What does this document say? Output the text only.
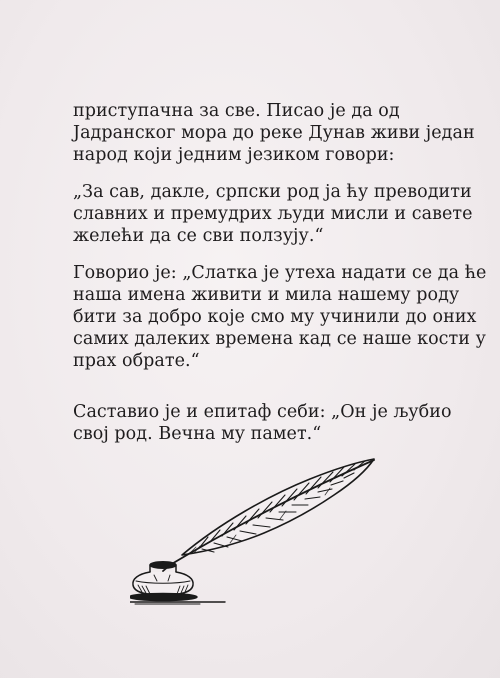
приступачна за све. Писао је да од
Јадранског мора до реке Дунав живи један
народ који једним језиком говори:

„За сав, дакле, српски род ја ћу преводити
славних и премудрих људи мисли и савете
желећи да се сви ползују.“

Говорио је: „Слатка је утеха надати се да ће
наша имена живити и мила нашему роду
бити за добро које смо му учинили до оних
самих далеких времена кад се наше кости у
прах обрате.“

Саставио је и епитаф себи: „Он је љубио
свој род. Вечна му памет.“
